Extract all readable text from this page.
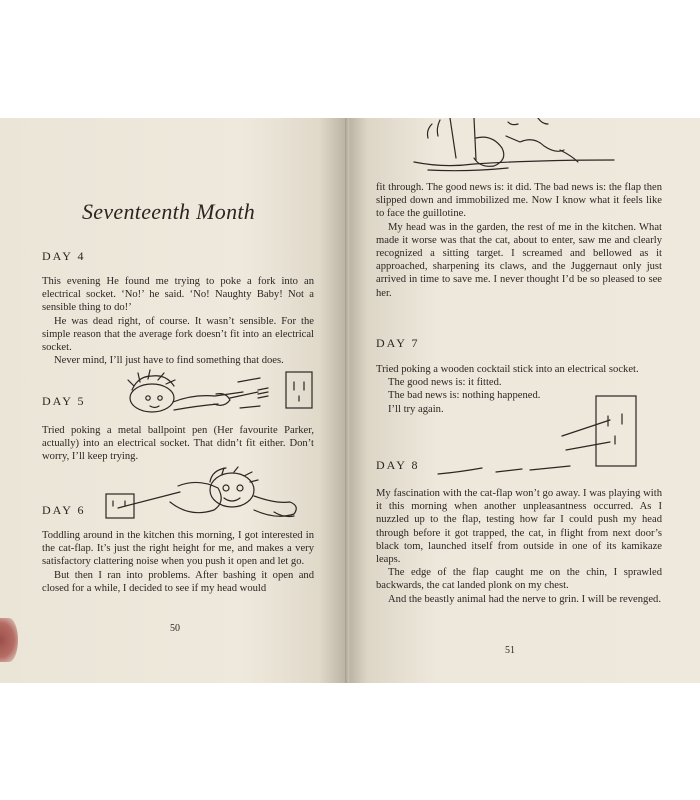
Seventeenth Month
DAY 4

This evening He found me trying to poke a fork into an electrical socket. ‘No!’ he said. ‘No! Naughty Baby! Not a sensible thing to do!’

He was dead right, of course. It wasn’t sensible. For the simple reason that the average fork doesn’t fit into an electrical socket.

Never mind, I’ll just have to find something that does.

DAY 5

Tried poking a metal ballpoint pen (Her favourite Parker, actually) into an electrical socket. That didn’t fit either. Don’t worry, I’ll keep trying.

DAY 6

Toddling around in the kitchen this morning, I got interested in the cat-flap. It’s just the right height for me, and makes a very satisfactory clattering noise when you push it open and let go.

But then I ran into problems. After bashing it open and closed for a while, I decided to see if my head would

50

fit through. The good news is: it did. The bad news is: the flap then slipped down and immobilized me. Now I know what it feels like to face the guillotine.

My head was in the garden, the rest of me in the kitchen. What made it worse was that the cat, about to enter, saw me and clearly recognized a sitting target. I screamed and bellowed as it approached, sharpening its claws, and the Juggernaut only just arrived in time to save me. I never thought I’d be so pleased to see her.

DAY 7

Tried poking a wooden cocktail stick into an electrical socket.

The good news is: it fitted.

The bad news is: nothing happened.

I’ll try again.

DAY 8

My fascination with the cat-flap won’t go away. I was playing with it this morning when another unpleasantness occurred. As I nuzzled up to the flap, testing how far I could push my head through before it got trapped, the cat, in flight from next door’s black tom, launched itself from outside in one of its kamikaze leaps.

The edge of the flap caught me on the chin, I sprawled backwards, the cat landed plonk on my chest.

And the beastly animal had the nerve to grin. I will be revenged.

51
